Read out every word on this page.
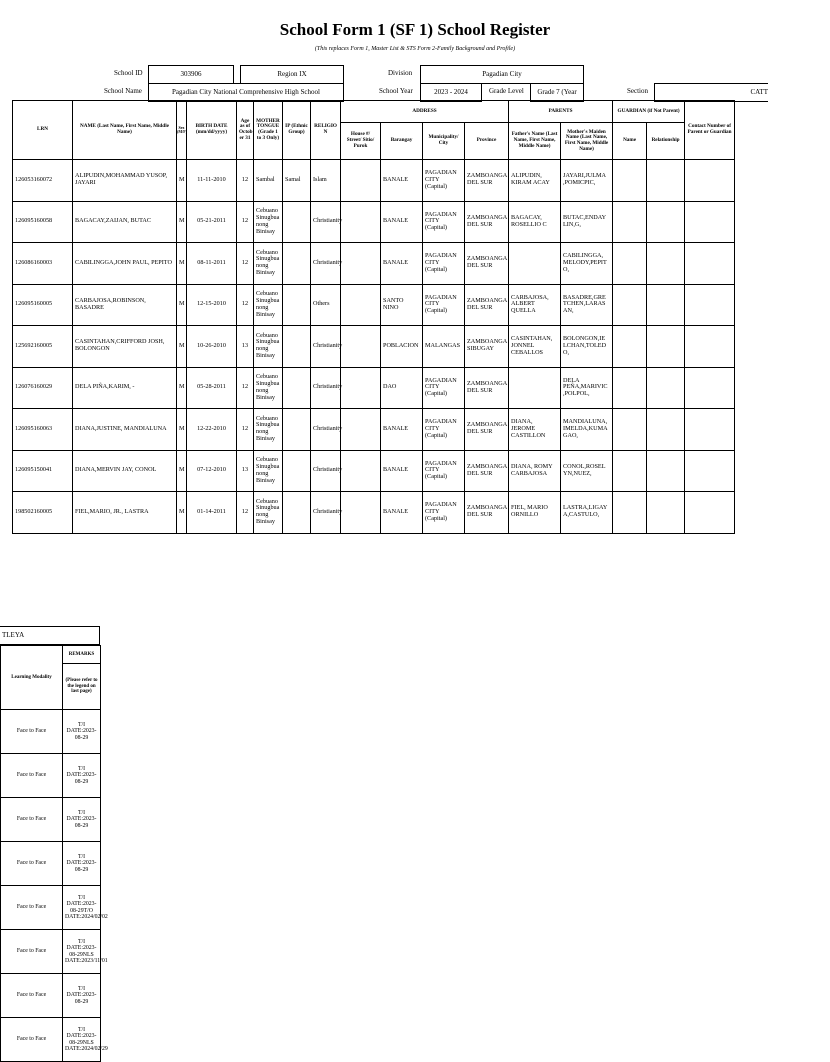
School Form 1 (SF 1) School Register
(This replaces Form 1, Master List & STS Form 2-Family Background and Profile)
School ID	303906	Region IX	Division	Pagadian City
School Name	Pagadian City National Comprehensive High School	School Year	2023 - 2024	Grade Level	Grade 7 (Year	Section	CATT
LRN	NAME (Last Name, First Name, Middle Name)	Sex (M/F)	BIRTH DATE (mm/dd/yyyy)	Age as of Octob er 31	MOTHER TONGUE (Grade 1 to 3 Only)	IP (Ethnic Group)	RELIGIO N	ADDRESS				PARENTS		GUARDIAN (if Not Parent)		Contact Number of Parent or Guardian
								House #/ Street/ Sitio/ Purok	Barangay	Municipality/ City	Province	Father's Name (Last Name, First Name, Middle Name)	Mother's Maiden Name (Last Name, First Name, Middle Name)	Name	Relationship	
126053160072	ALIPUDIN,MOHAMMAD YUSOP, JAYARI	M	11-11-2010	12	Sambal	Samal	Islam		BANALE	PAGADIAN CITY (Capital)	ZAMBOANGA DEL SUR	ALIPUDIN, KIRAM ACAY	JAYARI,JULMA ,POMICPIC,			
126095160058	BAGACAY,ZAIJAN, BUTAC	M	05-21-2011	12	Cebuano Sinugbua nong Binisay		Christianity		BANALE	PAGADIAN CITY (Capital)	ZAMBOANGA DEL SUR	BAGACAY, ROSELLIO C	BUTAC,ENDAY LIN,G,			
126086160003	CABILINGGA,JOHN PAUL, PEPITO	M	08-11-2011	12	Cebuano Sinugbua nong Binisay		Christianity		BANALE	PAGADIAN CITY (Capital)	ZAMBOANGA DEL SUR		CABILINGGA, MELODY,PEPIT O,			
126095160005	CARBAJOSA,ROBINSON, BASADRE	M	12-15-2010	12	Cebuano Sinugbua nong Binisay		Others		SANTO NINO	PAGADIAN CITY (Capital)	ZAMBOANGA DEL SUR	CARBAJOSA, ALBERT QUELLA	BASADRE,GRE TCHEN,LARAS AN,			
125692160005	CASINTAHAN,CRIFFORD JOSH, BOLONGON	M	10-26-2010	13	Cebuano Sinugbua nong Binisay		Christianity		POBLACION	MALANGAS	ZAMBOANGA SIBUGAY	CASINTAHAN, JONNEL CEBALLOS	BOLONGON,IE LCHAN,TOLED O,			
126076160029	DELA PIÑA,KARIM, -	M	05-28-2011	12	Cebuano Sinugbua nong Binisay		Christianity		DAO	PAGADIAN CITY (Capital)	ZAMBOANGA DEL SUR		DELA PEÑA,MARIVIC ,POLPOL,			
126095160063	DIANA,JUSTINE, MANDIALUNA	M	12-22-2010	12	Cebuano Sinugbua nong Binisay		Christianity		BANALE	PAGADIAN CITY (Capital)	ZAMBOANGA DEL SUR	DIANA, JEROME CASTILLON	MANDIALUNA, IMELDA,KUMA GAO,			
126095150041	DIANA,MERVIN JAY, CONOL	M	07-12-2010	13	Cebuano Sinugbua nong Binisay		Christianity		BANALE	PAGADIAN CITY (Capital)	ZAMBOANGA DEL SUR	DIANA, ROMY CARBAJOSA	CONOL,ROSEL YN,NUEZ,			
198502160005	FIEL,MARIO, JR., LASTRA	M	01-14-2011	12	Cebuano Sinugbua nong Binisay		Christianity		BANALE	PAGADIAN CITY (Capital)	ZAMBOANGA DEL SUR	FIEL, MARIO ORNILLO	LASTRA,LIGAY A,CASTULO,			
TLEYA
Learning Modality	REMARKS
	(Please refer to the legend on last page)
Face to Face	T/I DATE:2023-08-29
Face to Face	T/I DATE:2023-08-29
Face to Face	T/I DATE:2023-08-29
Face to Face	T/I DATE:2023-08-29
Face to Face	T/I DATE:2023-08-29T/O DATE:2024/02/02
Face to Face	T/I DATE:2023-08-29NLS DATE:2023/11/01
Face to Face	T/I DATE:2023-08-29
Face to Face	T/I DATE:2023-08-29NLS DATE:2024/02/29
